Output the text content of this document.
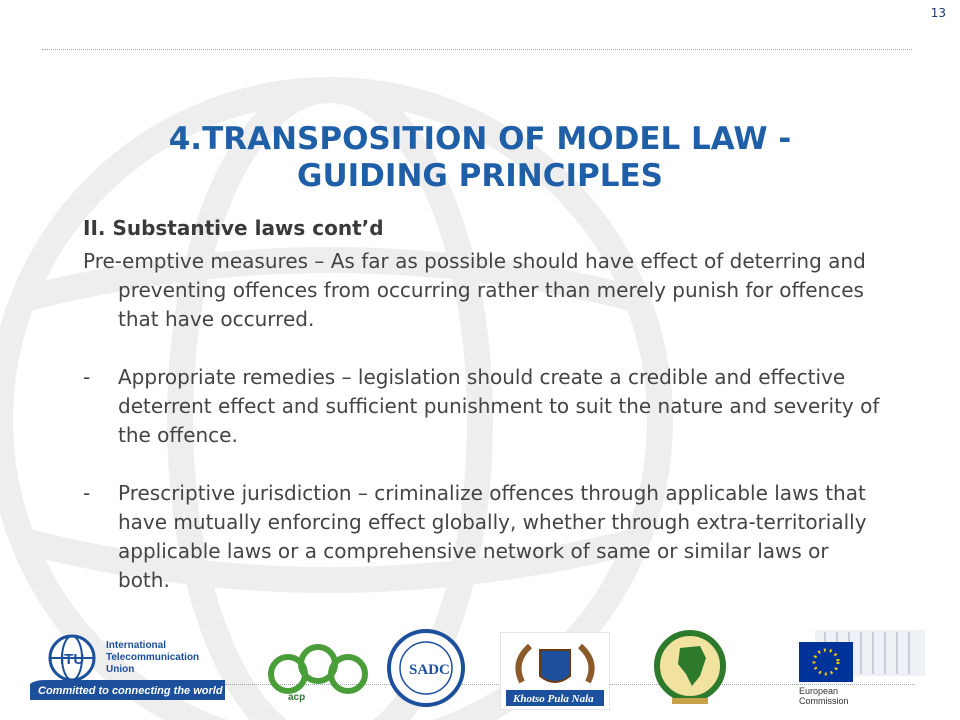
13
4.TRANSPOSITION OF MODEL LAW - GUIDING PRINCIPLES

II. Substantive laws cont’d

Pre-emptive measures – As far as possible should have effect of deterring and preventing offences from occurring rather than merely punish for offences that have occurred.

- Appropriate remedies – legislation should create a credible and effective deterrent effect and sufficient punishment to suit the nature and severity of the offence.

- Prescriptive jurisdiction – criminalize offences through applicable laws that have mutually enforcing effect globally, whether through extra-territorially applicable laws or a comprehensive network of same or similar laws or both.

ITU
International
Telecommunication
Union
Committed to connecting the world
acp
SADC
Khotso Pula Nala
European
Commission
